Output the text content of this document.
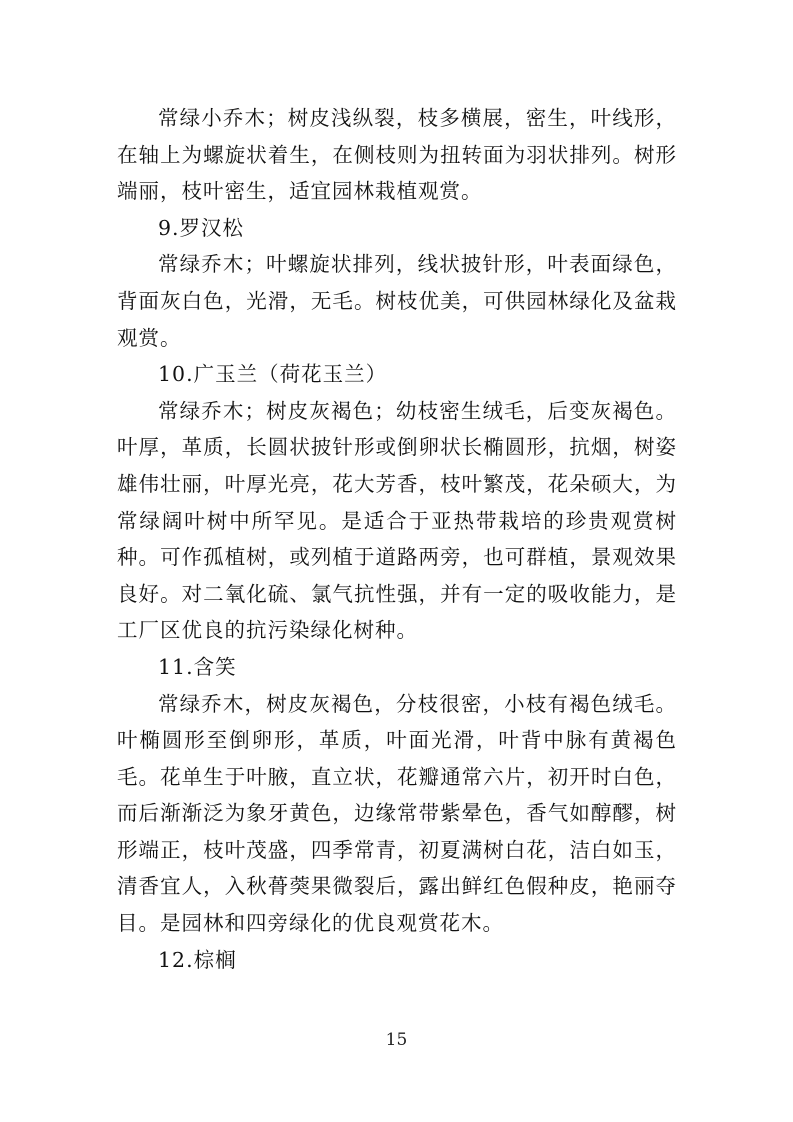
常绿小乔木；树皮浅纵裂，枝多横展，密生，叶线形，在轴上为螺旋状着生，在侧枝则为扭转面为羽状排列。树形端丽，枝叶密生，适宜园林栽植观赏。

9.罗汉松

常绿乔木；叶螺旋状排列，线状披针形，叶表面绿色，背面灰白色，光滑，无毛。树枝优美，可供园林绿化及盆栽观赏。

10.广玉兰（荷花玉兰）

常绿乔木；树皮灰褐色；幼枝密生绒毛，后变灰褐色。叶厚，革质，长圆状披针形或倒卵状长椭圆形，抗烟，树姿雄伟壮丽，叶厚光亮，花大芳香，枝叶繁茂，花朵硕大，为常绿阔叶树中所罕见。是适合于亚热带栽培的珍贵观赏树种。可作孤植树，或列植于道路两旁，也可群植，景观效果良好。对二氧化硫、氯气抗性强，并有一定的吸收能力，是工厂区优良的抗污染绿化树种。

11.含笑

常绿乔木，树皮灰褐色，分枝很密，小枝有褐色绒毛。叶椭圆形至倒卵形，革质，叶面光滑，叶背中脉有黄褐色毛。花单生于叶腋，直立状，花瓣通常六片，初开时白色，而后渐渐泛为象牙黄色，边缘常带紫晕色，香气如醇醪，树形端正，枝叶茂盛，四季常青，初夏满树白花，洁白如玉，清香宜人，入秋蓇葖果微裂后，露出鲜红色假种皮，艳丽夺目。是园林和四旁绿化的优良观赏花木。

12.棕榈

15
